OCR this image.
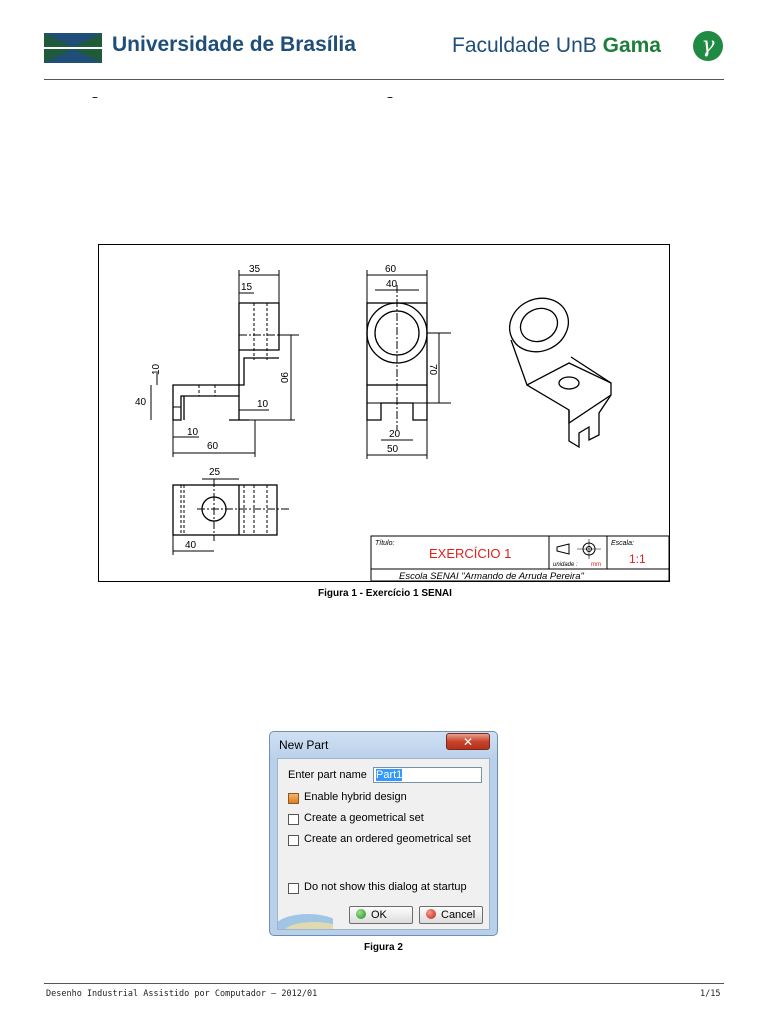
Universidade de Brasília	Faculdade UnB Gama	γ
–	–
35
15
10
40
90
10
10
60
60
40
70
20
50
25
40	Título:
EXERCÍCIO 1
unidade : mm
Escala:
1:1
Escola SENAI "Armando de Arruda Pereira"
Figura 1 - Exercício 1 SENAI
New Part	✕
Enter part name Part1
Enable hybrid design
Create a geometrical set
Create an ordered geometrical set
Do not show this dialog at startup
OK	Cancel
Figura 2
Desenho Industrial Assistido por Computador – 2012/01	1/15
